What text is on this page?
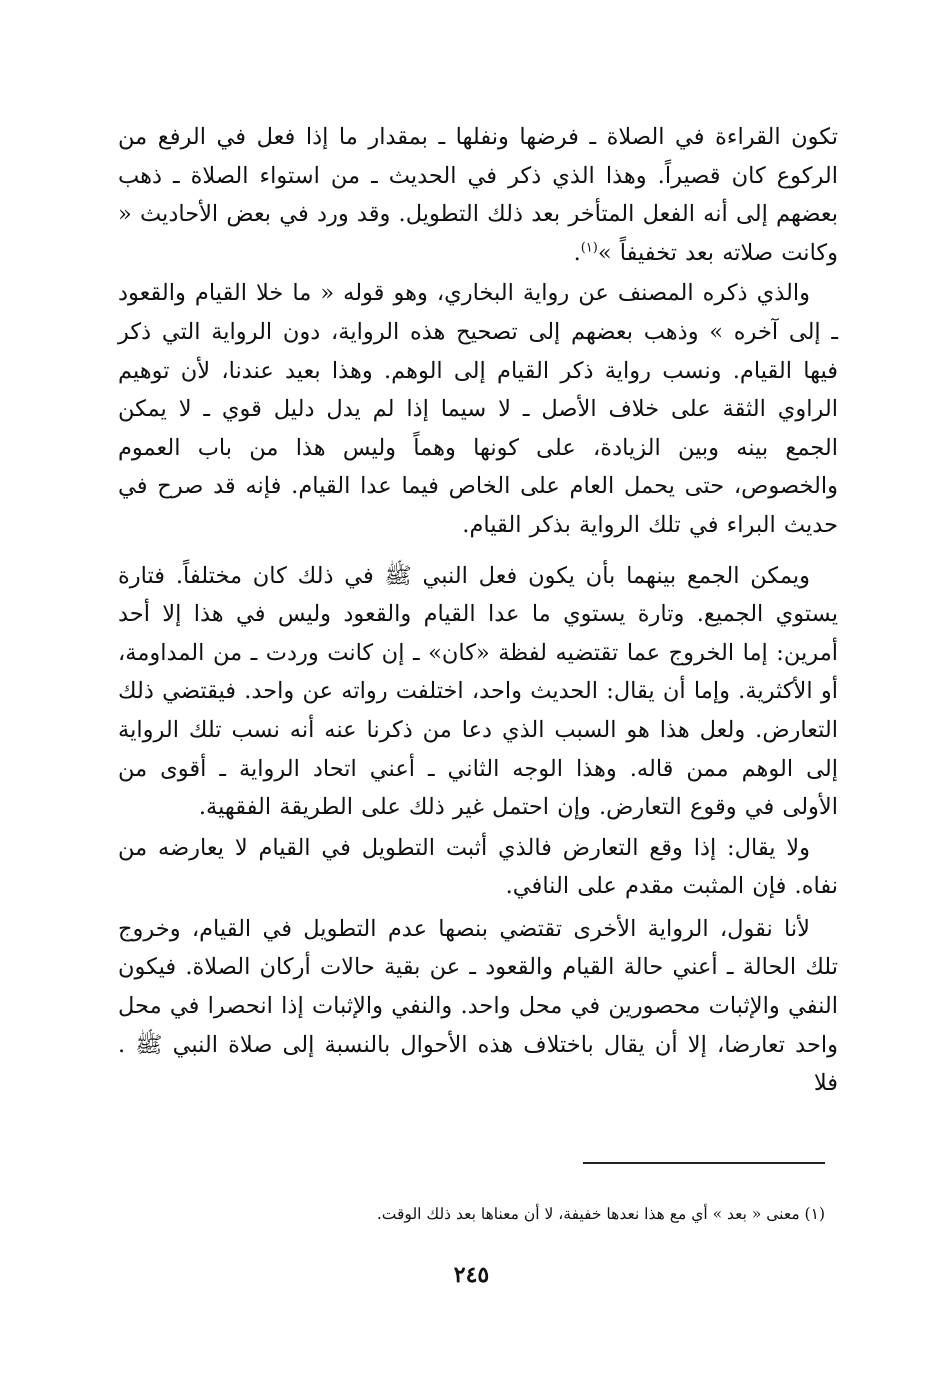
تكون القراءة في الصلاة ـ فرضها ونفلها ـ بمقدار ما إذا فعل في الرفع من الركوع كان قصيراً. وهذا الذي ذكر في الحديث ـ من استواء الصلاة ـ ذهب بعضهم إلى أنه الفعل المتأخر بعد ذلك التطويل. وقد ورد في بعض الأحاديث « وكانت صلاته بعد تخفيفاً »$^{(١)}$.

والذي ذكره المصنف عن رواية البخاري، وهو قوله « ما خلا القيام والقعود ـ إلى آخره » وذهب بعضهم إلى تصحيح هذه الرواية، دون الرواية التي ذكر فيها القيام. ونسب رواية ذكر القيام إلى الوهم. وهذا بعيد عندنا، لأن توهيم الراوي الثقة على خلاف الأصل ـ لا سيما إذا لم يدل دليل قوي ـ لا يمكن الجمع بينه وبين الزيادة، على كونها وهماً وليس هذا من باب العموم والخصوص، حتى يحمل العام على الخاص فيما عدا القيام. فإنه قد صرح في حديث البراء في تلك الرواية بذكر القيام.

ويمكن الجمع بينهما بأن يكون فعل النبي ﷺ في ذلك كان مختلفاً. فتارة يستوي الجميع. وتارة يستوي ما عدا القيام والقعود وليس في هذا إلا أحد أمرين: إما الخروج عما تقتضيه لفظة «كان» ـ إن كانت وردت ـ من المداومة، أو الأكثرية. وإما أن يقال: الحديث واحد، اختلفت رواته عن واحد. فيقتضي ذلك التعارض. ولعل هذا هو السبب الذي دعا من ذكرنا عنه أنه نسب تلك الرواية إلى الوهم ممن قاله. وهذا الوجه الثاني ـ أعني اتحاد الرواية ـ أقوى من الأولى في وقوع التعارض. وإن احتمل غير ذلك على الطريقة الفقهية.

ولا يقال: إذا وقع التعارض فالذي أثبت التطويل في القيام لا يعارضه من نفاه. فإن المثبت مقدم على النافي.

لأنا نقول، الرواية الأخرى تقتضي بنصها عدم التطويل في القيام، وخروج تلك الحالة ـ أعني حالة القيام والقعود ـ عن بقية حالات أركان الصلاة. فيكون النفي والإثبات محصورين في محل واحد. والنفي والإثبات إذا انحصرا في محل واحد تعارضا، إلا أن يقال باختلاف هذه الأحوال بالنسبة إلى صلاة النبي ﷺ . فلا

(١) معنى « بعد » أي مع هذا نعدها خفيفة، لا أن معناها بعد ذلك الوقت.

٢٤٥
